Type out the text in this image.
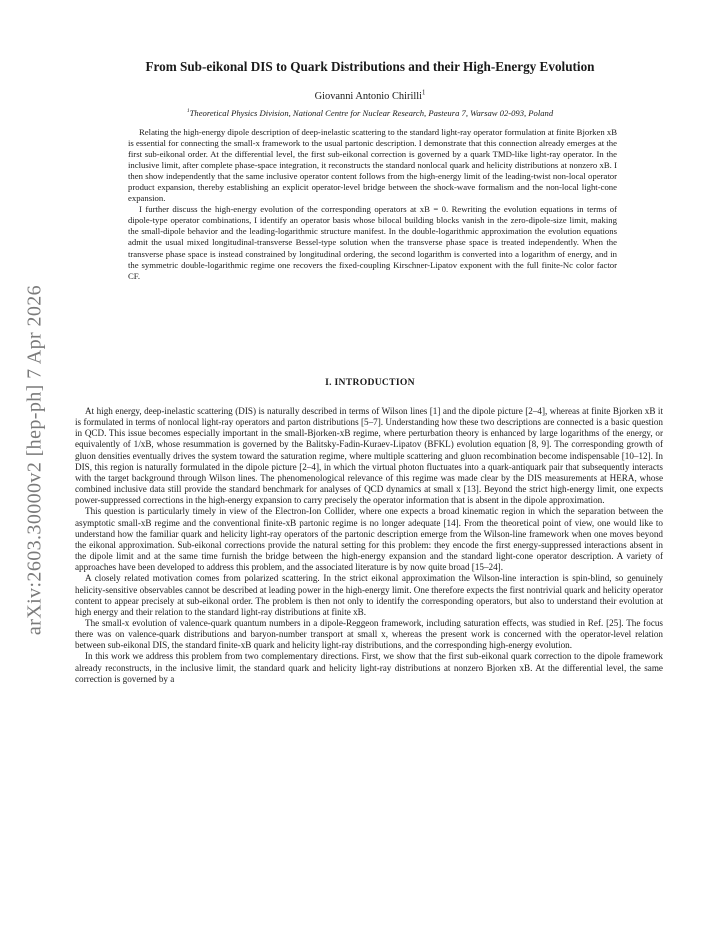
arXiv:2603.30000v2 [hep-ph] 7 Apr 2026
From Sub-eikonal DIS to Quark Distributions and their High-Energy Evolution
Giovanni Antonio Chirilli$^1$
$^1$Theoretical Physics Division, National Centre for Nuclear Research, Pasteura 7, Warsaw 02-093, Poland

Relating the high-energy dipole description of deep-inelastic scattering to the standard light-ray operator formulation at finite Bjorken xB is essential for connecting the small-x framework to the usual partonic description. I demonstrate that this connection already emerges at the first sub-eikonal order. At the differential level, the first sub-eikonal correction is governed by a quark TMD-like light-ray operator. In the inclusive limit, after complete phase-space integration, it reconstructs the standard nonlocal quark and helicity distributions at nonzero xB. I then show independently that the same inclusive operator content follows from the high-energy limit of the leading-twist non-local operator product expansion, thereby establishing an explicit operator-level bridge between the shock-wave formalism and the non-local light-cone expansion.

I further discuss the high-energy evolution of the corresponding operators at xB = 0. Rewriting the evolution equations in terms of dipole-type operator combinations, I identify an operator basis whose bilocal building blocks vanish in the zero-dipole-size limit, making the small-dipole behavior and the leading-logarithmic structure manifest. In the double-logarithmic approximation the evolution equations admit the usual mixed longitudinal-transverse Bessel-type solution when the transverse phase space is treated independently. When the transverse phase space is instead constrained by longitudinal ordering, the second logarithm is converted into a logarithm of energy, and in the symmetric double-logarithmic regime one recovers the fixed-coupling Kirschner-Lipatov exponent with the full finite-Nc color factor CF.

I. INTRODUCTION

At high energy, deep-inelastic scattering (DIS) is naturally described in terms of Wilson lines [1] and the dipole picture [2–4], whereas at finite Bjorken xB it is formulated in terms of nonlocal light-ray operators and parton distributions [5–7]. Understanding how these two descriptions are connected is a basic question in QCD. This issue becomes especially important in the small-Bjorken-xB regime, where perturbation theory is enhanced by large logarithms of the energy, or equivalently of 1/xB, whose resummation is governed by the Balitsky-Fadin-Kuraev-Lipatov (BFKL) evolution equation [8, 9]. The corresponding growth of gluon densities eventually drives the system toward the saturation regime, where multiple scattering and gluon recombination become indispensable [10–12]. In DIS, this region is naturally formulated in the dipole picture [2–4], in which the virtual photon fluctuates into a quark-antiquark pair that subsequently interacts with the target background through Wilson lines. The phenomenological relevance of this regime was made clear by the DIS measurements at HERA, whose combined inclusive data still provide the standard benchmark for analyses of QCD dynamics at small x [13]. Beyond the strict high-energy limit, one expects power-suppressed corrections in the high-energy expansion to carry precisely the operator information that is absent in the dipole approximation.

This question is particularly timely in view of the Electron-Ion Collider, where one expects a broad kinematic region in which the separation between the asymptotic small-xB regime and the conventional finite-xB partonic regime is no longer adequate [14]. From the theoretical point of view, one would like to understand how the familiar quark and helicity light-ray operators of the partonic description emerge from the Wilson-line framework when one moves beyond the eikonal approximation. Sub-eikonal corrections provide the natural setting for this problem: they encode the first energy-suppressed interactions absent in the dipole limit and at the same time furnish the bridge between the high-energy expansion and the standard light-cone operator description. A variety of approaches have been developed to address this problem, and the associated literature is by now quite broad [15–24].

A closely related motivation comes from polarized scattering. In the strict eikonal approximation the Wilson-line interaction is spin-blind, so genuinely helicity-sensitive observables cannot be described at leading power in the high-energy limit. One therefore expects the first nontrivial quark and helicity operator content to appear precisely at sub-eikonal order. The problem is then not only to identify the corresponding operators, but also to understand their evolution at high energy and their relation to the standard light-ray distributions at finite xB.

The small-x evolution of valence-quark quantum numbers in a dipole-Reggeon framework, including saturation effects, was studied in Ref. [25]. The focus there was on valence-quark distributions and baryon-number transport at small x, whereas the present work is concerned with the operator-level relation between sub-eikonal DIS, the standard finite-xB quark and helicity light-ray distributions, and the corresponding high-energy evolution.

In this work we address this problem from two complementary directions. First, we show that the first sub-eikonal quark correction to the dipole framework already reconstructs, in the inclusive limit, the standard quark and helicity light-ray distributions at nonzero Bjorken xB. At the differential level, the same correction is governed by a
